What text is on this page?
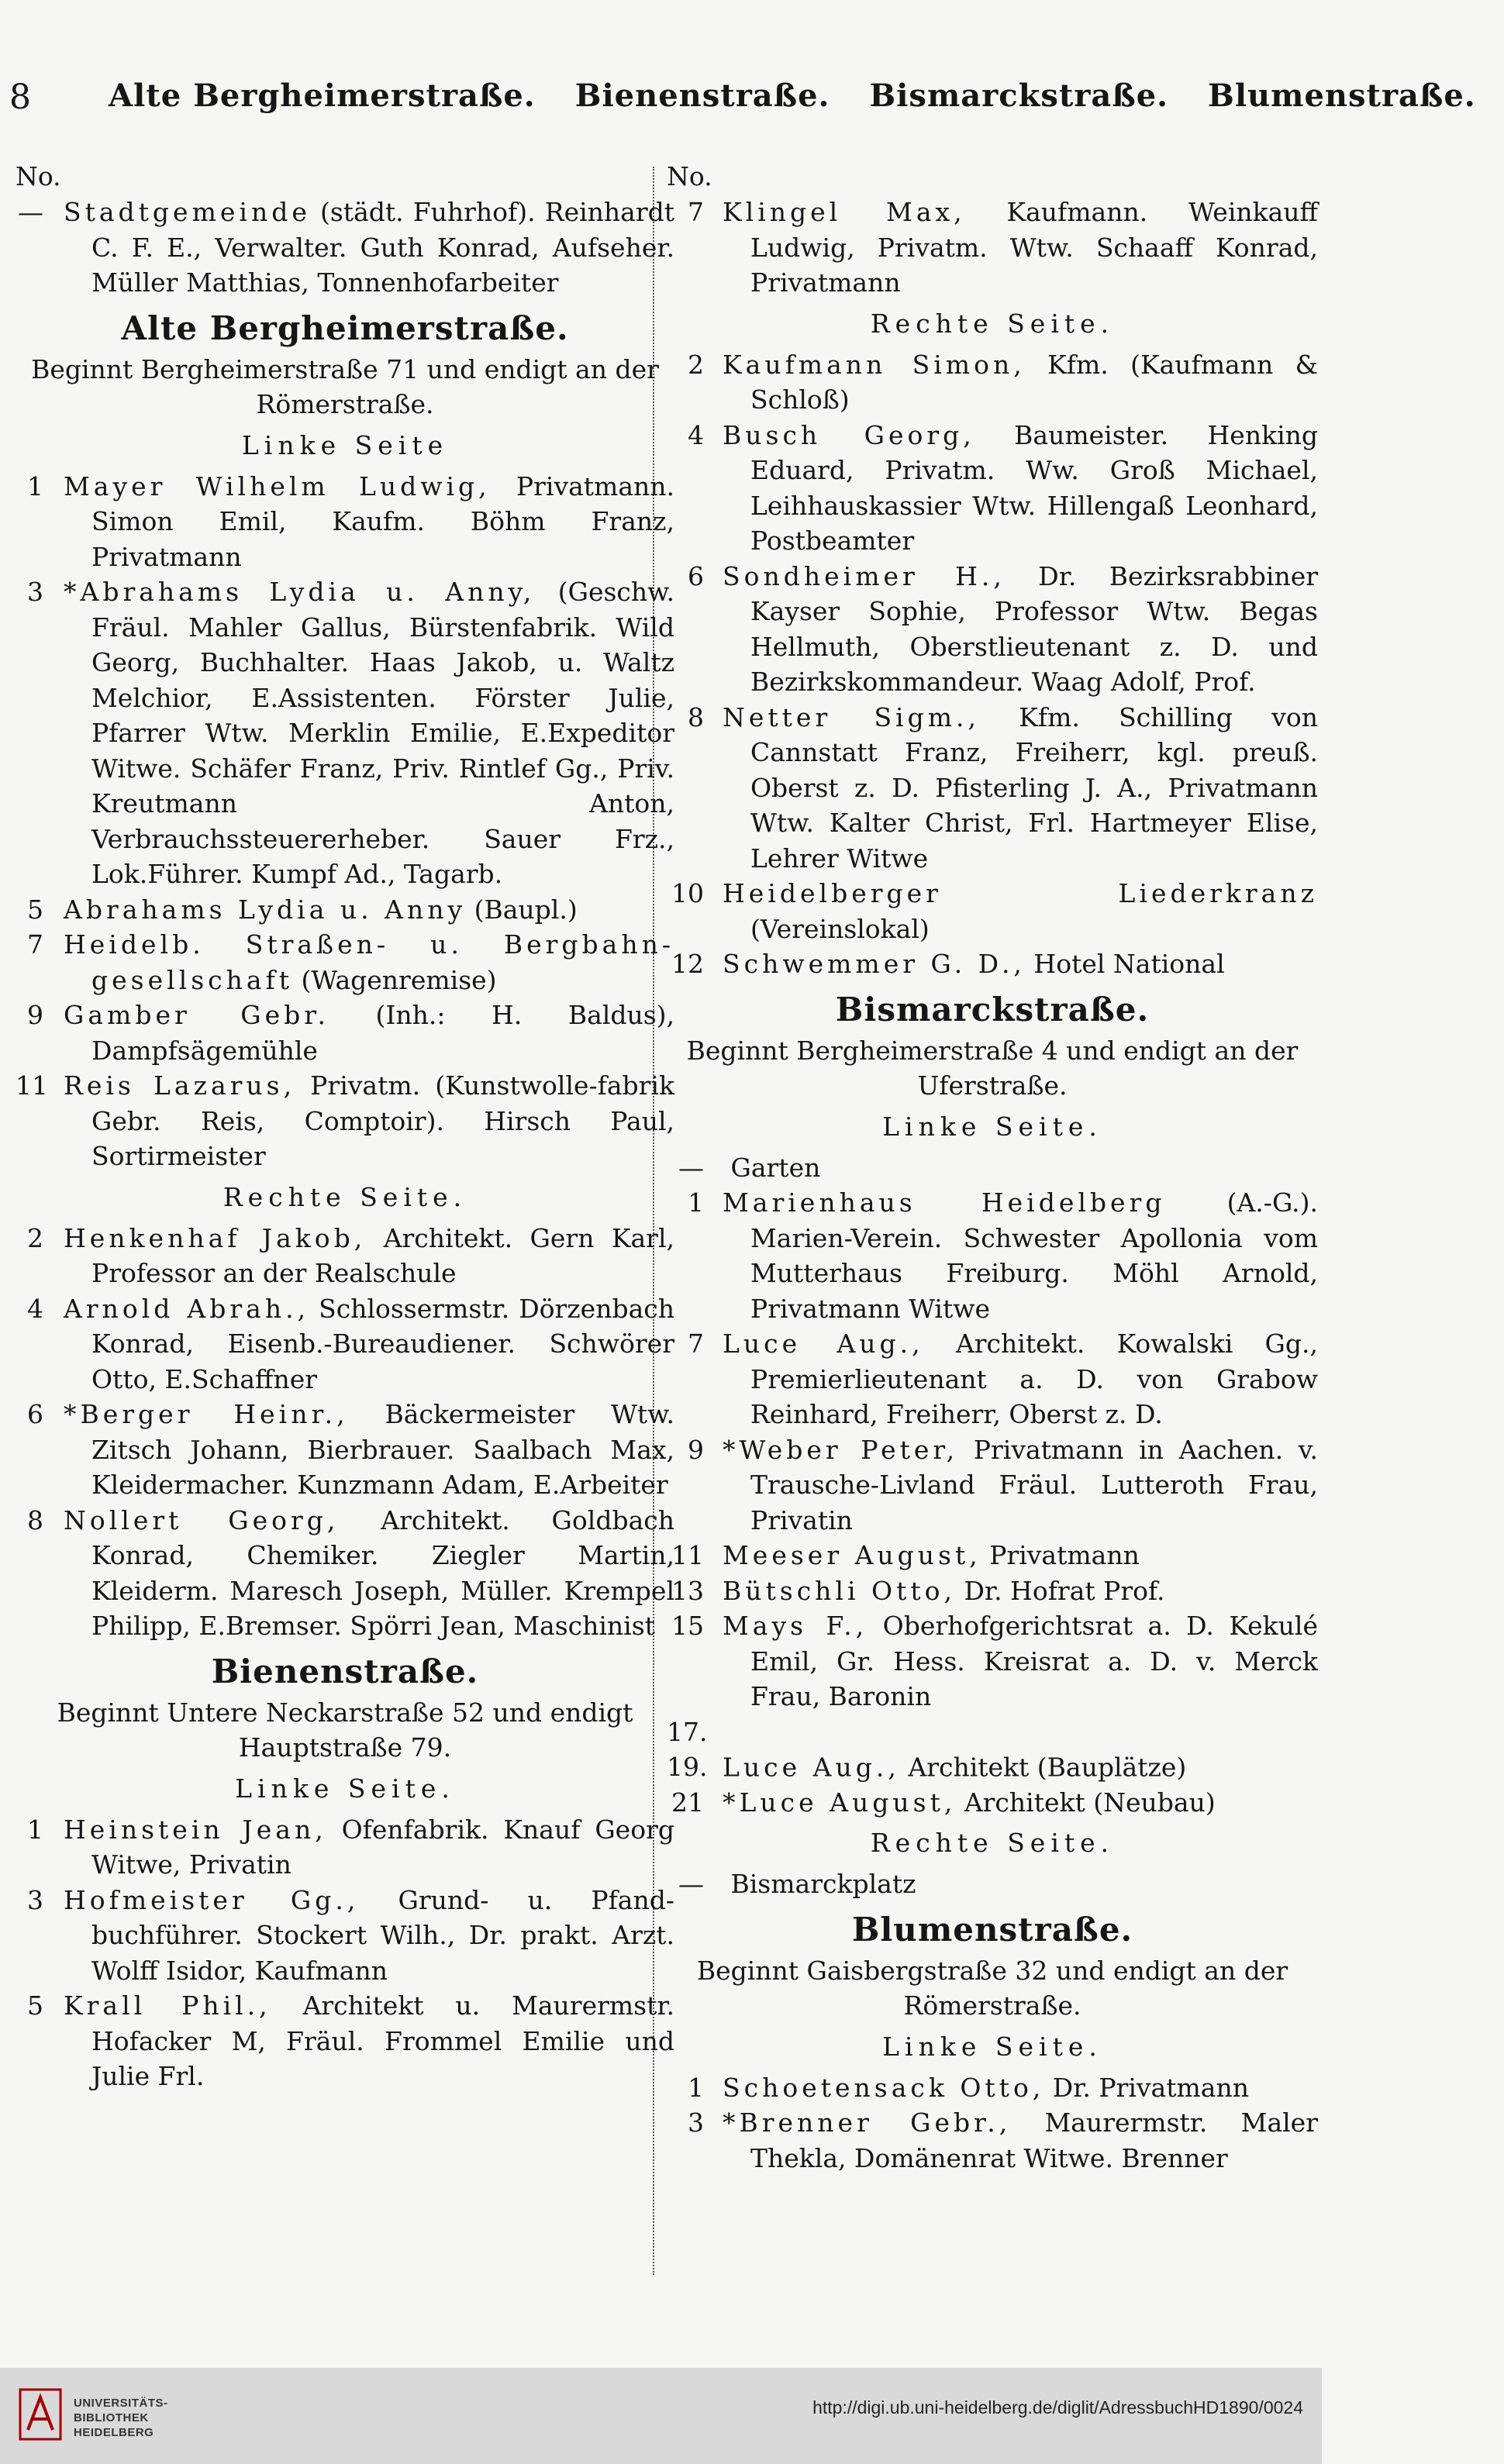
8	Alte Bergheimerstraße. Bienenstraße. Bismarckstraße. Blumenstraße.
No.
— Stadtgemeinde (städt. Fuhrhof). Reinhardt C. F. E., Verwalter. Guth Konrad, Aufseher. Müller Matthias, Tonnenhofarbeiter
Alte Bergheimerstraße.
Beginnt Bergheimerstraße 71 und endigt an der Römerstraße.
Linke Seite
1 Mayer Wilhelm Ludwig, Privatmann. Simon Emil, Kaufm. Böhm Franz, Privatmann
3 *Abrahams Lydia u. Anny, (Geschw. Fräul. Mahler Gallus, Bürstenfabrik. Wild Georg, Buchhalter. Haas Jakob, u. Waltz Melchior, E.Assistenten. Förster Julie, Pfarrer Wtw. Merklin Emilie, E.Expeditor Witwe. Schäfer Franz, Priv. Rintlef Gg., Priv. Kreutmann Anton, Verbrauchssteuererheber. Sauer Frz., Lok.Führer. Kumpf Ad., Tagarb.
5 Abrahams Lydia u. Anny (Baupl.)
7 Heidelb. Straßen- u. Bergbahn-gesellschaft (Wagenremise)
9 Gamber Gebr. (Inh.: H. Baldus), Dampfsägemühle
11 Reis Lazarus, Privatm. (Kunstwolle-fabrik Gebr. Reis, Comptoir). Hirsch Paul, Sortirmeister
Rechte Seite.
2 Henkenhaf Jakob, Architekt. Gern Karl, Professor an der Realschule
4 Arnold Abrah., Schlossermstr. Dörzenbach Konrad, Eisenb.-Bureaudiener. Schwörer Otto, E.Schaffner
6 *Berger Heinr., Bäckermeister Wtw. Zitsch Johann, Bierbrauer. Saalbach Max, Kleidermacher. Kunzmann Adam, E.Arbeiter
8 Nollert Georg, Architekt. Goldbach Konrad, Chemiker. Ziegler Martin, Kleiderm. Maresch Joseph, Müller. Krempel Philipp, E.Bremser. Spörri Jean, Maschinist
Bienenstraße.
Beginnt Untere Neckarstraße 52 und endigt Hauptstraße 79.
Linke Seite.
1 Heinstein Jean, Ofenfabrik. Knauf Georg Witwe, Privatin
3 Hofmeister Gg., Grund- u. Pfand-buchführer. Stockert Wilh., Dr. prakt. Arzt. Wolff Isidor, Kaufmann
5 Krall Phil., Architekt u. Maurermstr. Hofacker M, Fräul. Frommel Emilie und Julie Frl.
No.
7 Klingel Max, Kaufmann. Weinkauff Ludwig, Privatm. Wtw. Schaaff Konrad, Privatmann
Rechte Seite.
2 Kaufmann Simon, Kfm. (Kaufmann & Schloß)
4 Busch Georg, Baumeister. Henking Eduard, Privatm. Ww. Groß Michael, Leihhauskassier Wtw. Hillengaß Leonhard, Postbeamter
6 Sondheimer H., Dr. Bezirksrabbiner Kayser Sophie, Professor Wtw. Begas Hellmuth, Oberstlieutenant z. D. und Bezirkskommandeur. Waag Adolf, Prof.
8 Netter Sigm., Kfm. Schilling von Cannstatt Franz, Freiherr, kgl. preuß. Oberst z. D. Pfisterling J. A., Privatmann Wtw. Kalter Christ, Frl. Hartmeyer Elise, Lehrer Witwe
10 Heidelberger Liederkranz (Vereinslokal)
12 Schwemmer G. D., Hotel National
Bismarckstraße.
Beginnt Bergheimerstraße 4 und endigt an der Uferstraße.
Linke Seite.
— Garten
1 Marienhaus Heidelberg (A.-G.). Marien-Verein. Schwester Apollonia vom Mutterhaus Freiburg. Möhl Arnold, Privatmann Witwe
7 Luce Aug., Architekt. Kowalski Gg., Premierlieutenant a. D. von Grabow Reinhard, Freiherr, Oberst z. D.
9 *Weber Peter, Privatmann in Aachen. v. Trausche-Livland Fräul. Lutteroth Frau, Privatin
11 Meeser August, Privatmann
13 Bütschli Otto, Dr. Hofrat Prof.
15 Mays F., Oberhofgerichtsrat a. D. Kekulé Emil, Gr. Hess. Kreisrat a. D. v. Merck Frau, Baronin
17. 19. Luce Aug., Architekt (Bauplätze)
21 *Luce August, Architekt (Neubau)
Rechte Seite.
— Bismarckplatz
Blumenstraße.
Beginnt Gaisbergstraße 32 und endigt an der Römerstraße.
Linke Seite.
1 Schoetensack Otto, Dr. Privatmann
3 *Brenner Gebr., Maurermstr. Maler Thekla, Domänenrat Witwe. Brenner
UNIVERSITÄTS-
BIBLIOTHEK
HEIDELBERG
http://digi.ub.uni-heidelberg.de/diglit/AdressbuchHD1890/0024
